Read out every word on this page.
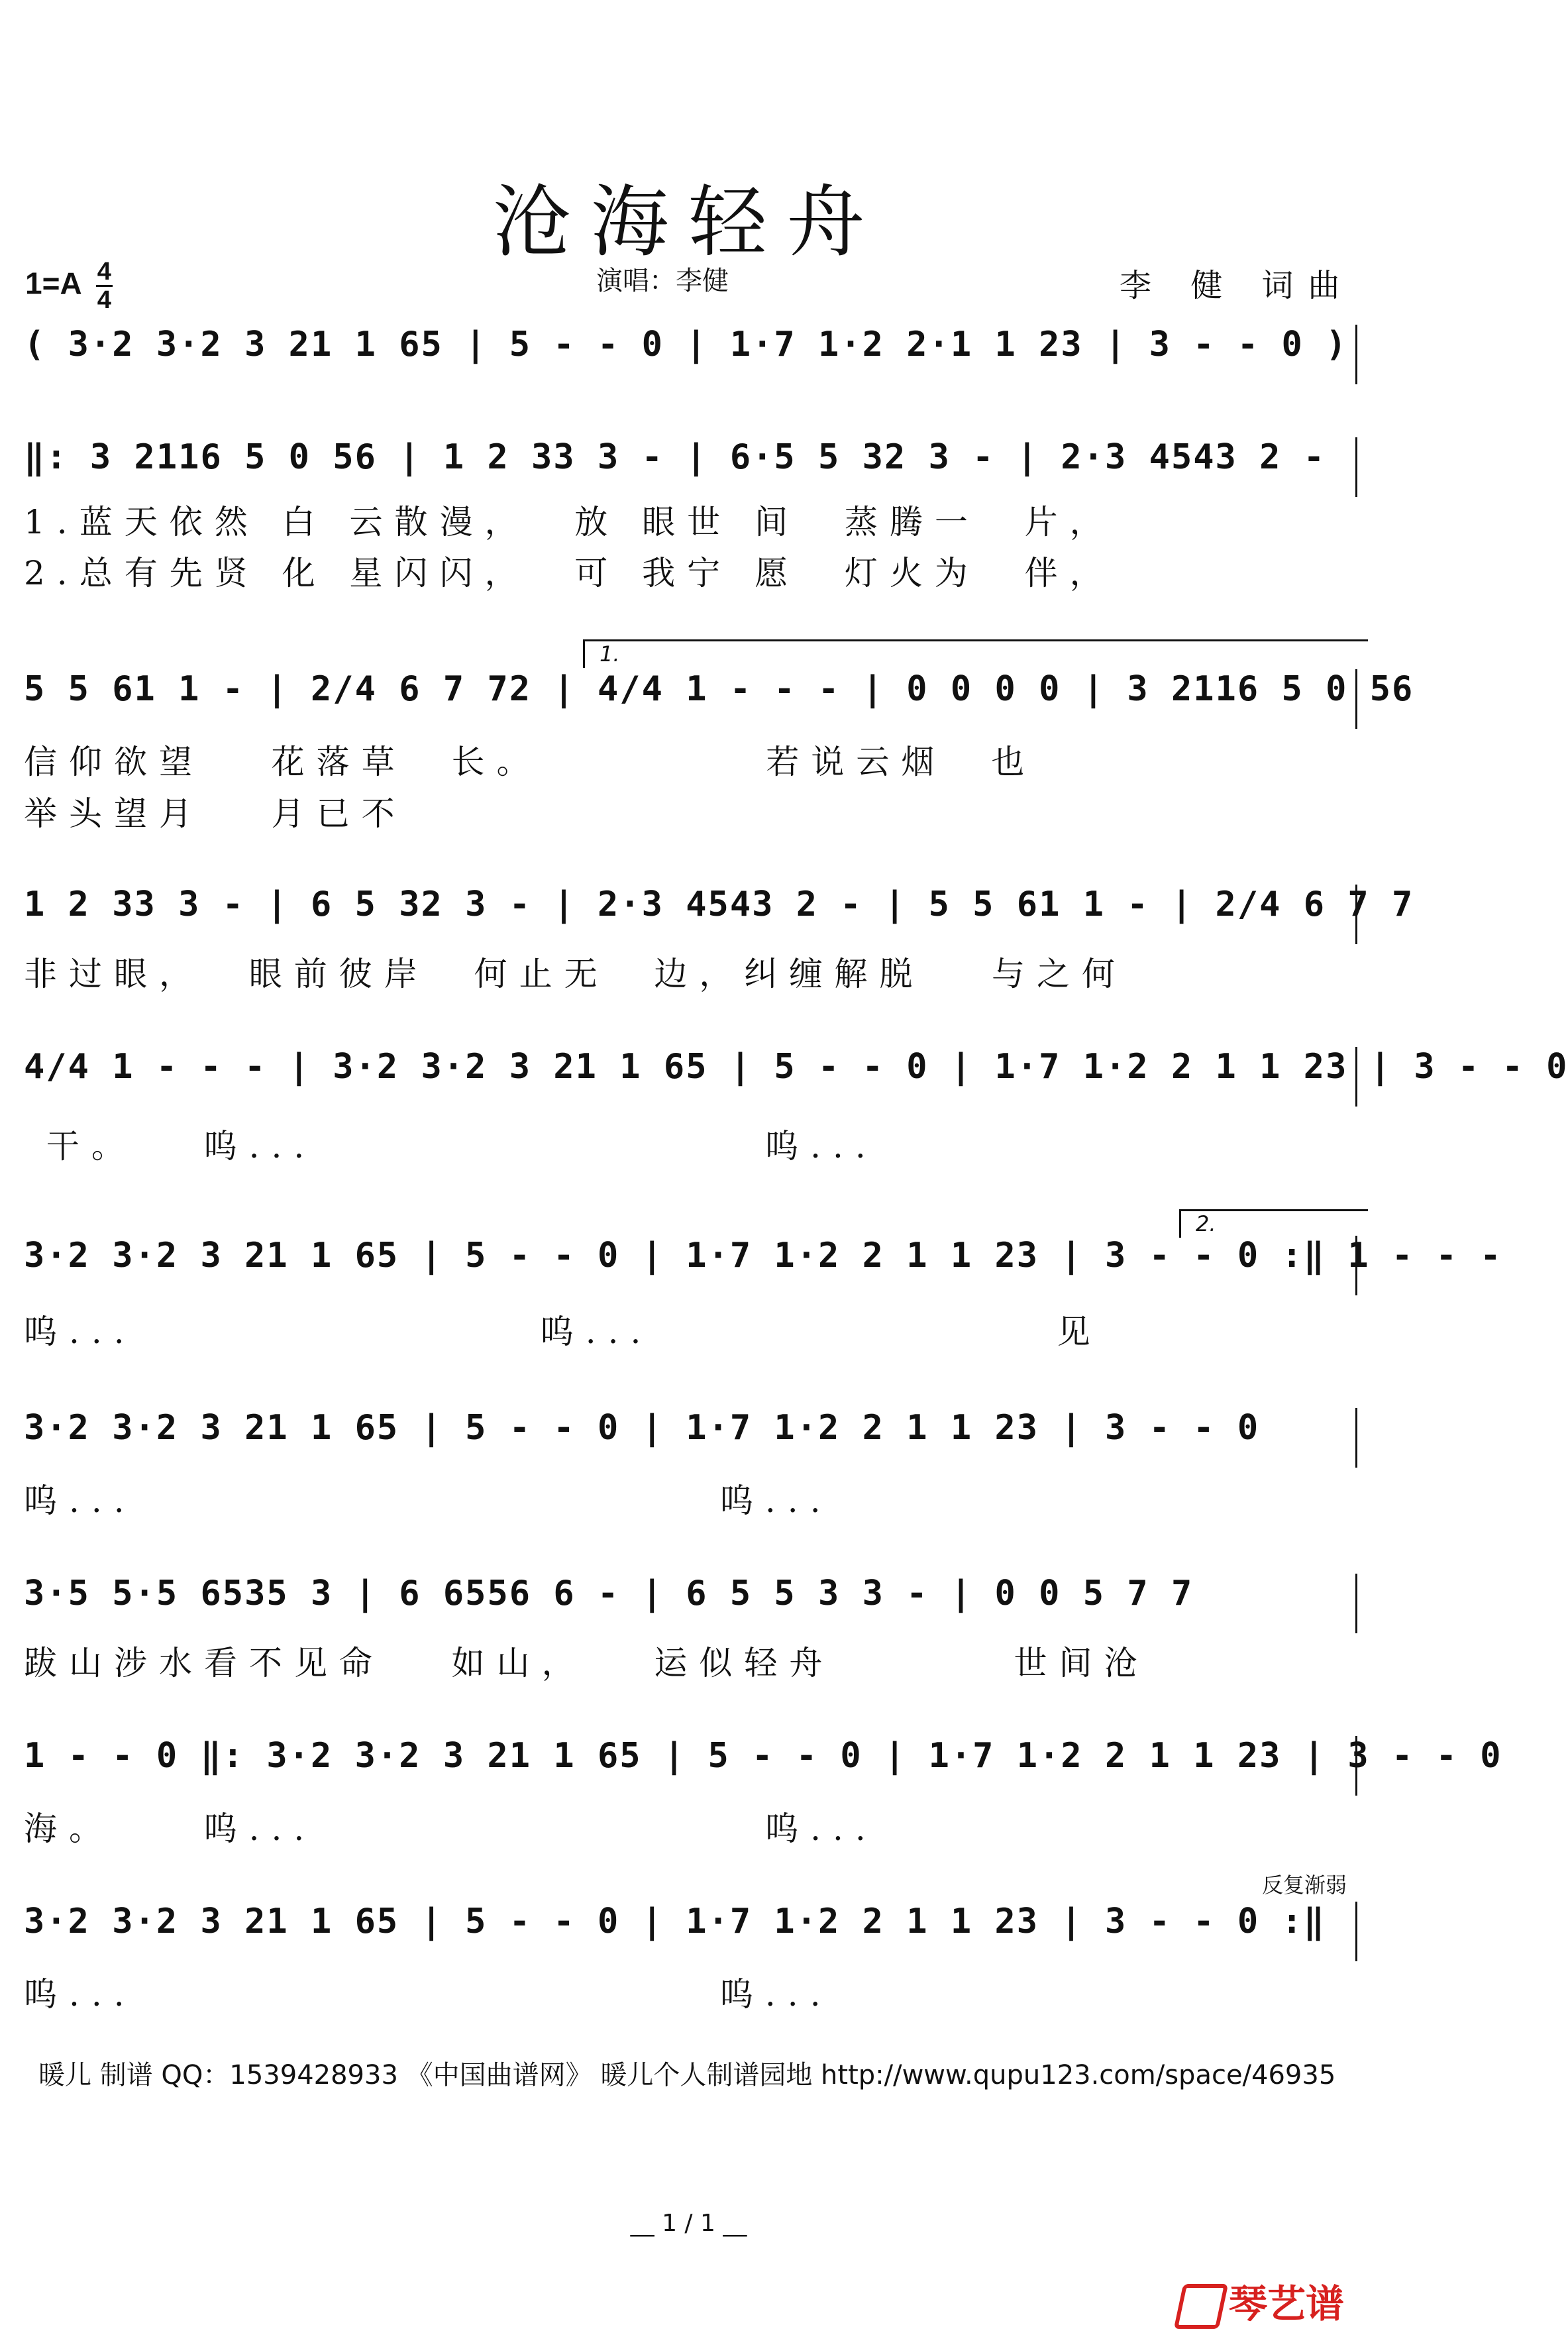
沧海轻舟
$1=A \frac{4}{4}$	演唱：李健	李 健 词曲
( 3·2 3·2 3 21 1 65 | 5 - - 0 | 1·7 1·2 2·1 1 23 | 3 - - 0 )
‖: 3 2116 5 0 56 | 1 2 33 3 - | 6·5 5 32 3 - | 2·3 4543 2 -
1.蓝天依然 白 云散漫，  放 眼世 间  蒸腾一  片，
2.总有先贤 化 星闪闪，  可 我宁 愿  灯火为  伴，
1.
5 5 61 1 - | 2/4 6 7 72 | 4/4 1 - - - | 0 0 0 0 | 3 2116 5 0 56
信仰欲望   花落草  长。          若说云烟  也
举头望月   月已不
1 2 33 3 - | 6 5 32 3 - | 2·3 4543 2 - | 5 5 61 1 - | 2/4 6 7 7
非过眼，  眼前彼岸  何止无  边，纠缠解脱   与之何
4/4 1 - - - | 3·2 3·2 3 21 1 65 | 5 - - 0 | 1·7 1·2 2 1 1 23 | 3 - - 0
干。   呜...                    呜...
2.
3·2 3·2 3 21 1 65 | 5 - - 0 | 1·7 1·2 2 1 1 23 | 3 - - 0 :‖ 1 - - -
呜...                  呜...                  见
3·2 3·2 3 21 1 65 | 5 - - 0 | 1·7 1·2 2 1 1 23 | 3 - - 0
呜...                          呜...
3·5 5·5 6535 3 | 6 6556 6 - | 6 5 5 3 3 - | 0 0 5 7 7
跋山涉水看不见命   如山，   运似轻舟        世间沧
1 - - 0 ‖: 3·2 3·2 3 21 1 65 | 5 - - 0 | 1·7 1·2 2 1 1 23 | 3 - - 0
海。    呜...                    呜...
反复渐弱
3·2 3·2 3 21 1 65 | 5 - - 0 | 1·7 1·2 2 1 1 23 | 3 - - 0 :‖
呜...                          呜...
暖儿 制谱 QQ：1539428933 《中国曲谱网》 暖儿个人制谱园地 http://www.qupu123.com/space/46935
__ 1 / 1 __
琴艺谱
